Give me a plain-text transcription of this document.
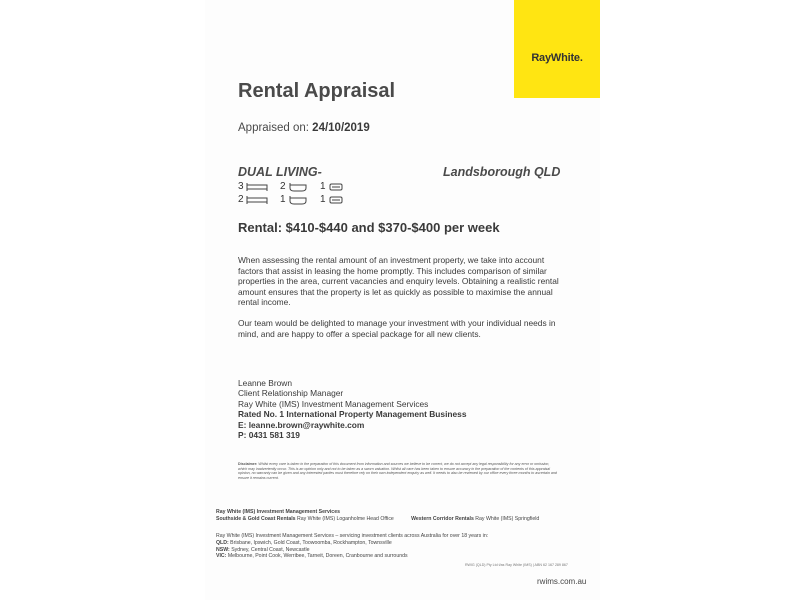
RayWhite.
Rental Appraisal
Appraised on: 24/10/2019
DUAL LIVING-	Landsborough QLD
3	2	1
2	1	1
Rental: $410-$440 and $370-$400 per week
When assessing the rental amount of an investment property, we take into account factors that assist in leasing the home promptly. This includes comparison of similar properties in the area, current vacancies and enquiry levels. Obtaining a realistic rental amount ensures that the property is let as quickly as possible to maximise the annual rental income.
Our team would be delighted to manage your investment with your individual needs in mind, and are happy to offer a special package for all new clients.
Leanne Brown
Client Relationship Manager
Ray White (IMS) Investment Management Services
Rated No. 1 International Property Management Business
E: leanne.brown@raywhite.com
P: 0431 581 319
Disclaimer: Whilst every care is taken in the preparation of this document from information and sources we believe to be correct, we do not accept any legal responsibility for any error or omission, which may inadvertently occur. This is an opinion only and not to be taken as a sworn valuation. Whilst all care has been taken to ensure accuracy in the preparation of the contents of this appraisal opinion, no warranty can be given and any interested parties must therefore rely on their own independent enquiry as well. It needs to also be reviewed by our office every three months to ascertain and ensure it remains current.
Ray White (IMS) Investment Management Services
Southside & Gold Coast Rentals Ray White (IMS) Loganholme Head Office	Western Corridor Rentals Ray White (IMS) Springfield
Ray White (IMS) Investment Management Services – servicing investment clients across Australia for over 18 years in:
QLD: Brisbane, Ipswich, Gold Coast, Toowoomba, Rockhampton, Townsville
NSW: Sydney, Central Coast, Newcastle
VIC: Melbourne, Point Cook, Werribee, Tarneit, Doreen, Cranbourne and surrounds
RWIG (QLD) Pty Ltd t/as Ray White (IMS) | ABN 62 167 289 867
rwims.com.au
